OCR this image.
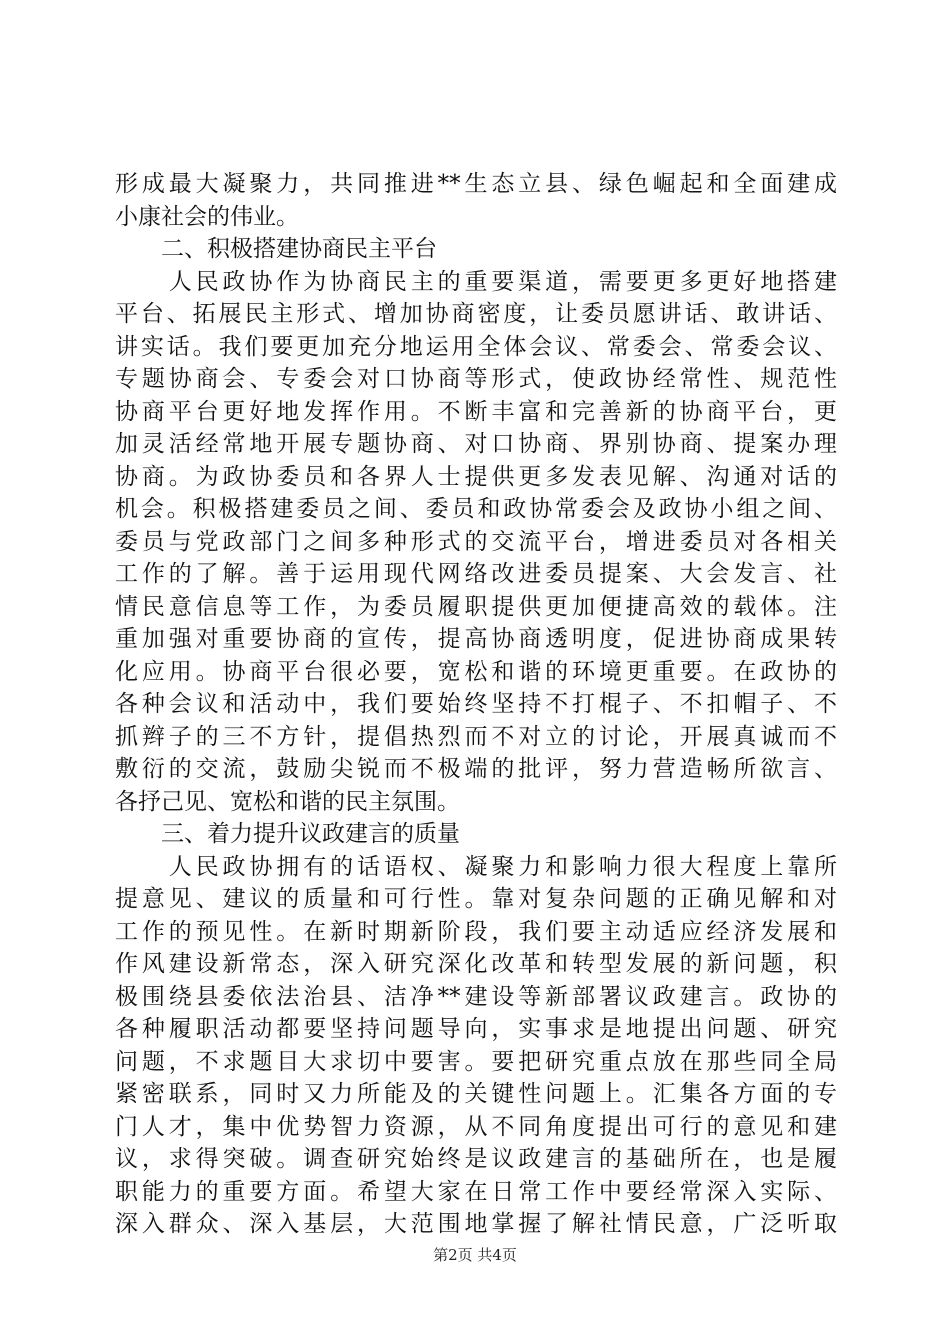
形成最大凝聚力，共同推进**生态立县、绿色崛起和全面建成
小康社会的伟业。
　　二、积极搭建协商民主平台
　　人民政协作为协商民主的重要渠道，需要更多更好地搭建
平台、拓展民主形式、增加协商密度，让委员愿讲话、敢讲话、
讲实话。我们要更加充分地运用全体会议、常委会、常委会议、
专题协商会、专委会对口协商等形式，使政协经常性、规范性
协商平台更好地发挥作用。不断丰富和完善新的协商平台，更
加灵活经常地开展专题协商、对口协商、界别协商、提案办理
协商。为政协委员和各界人士提供更多发表见解、沟通对话的
机会。积极搭建委员之间、委员和政协常委会及政协小组之间、
委员与党政部门之间多种形式的交流平台，增进委员对各相关
工作的了解。善于运用现代网络改进委员提案、大会发言、社
情民意信息等工作，为委员履职提供更加便捷高效的载体。注
重加强对重要协商的宣传，提高协商透明度，促进协商成果转
化应用。协商平台很必要，宽松和谐的环境更重要。在政协的
各种会议和活动中，我们要始终坚持不打棍子、不扣帽子、不
抓辫子的三不方针，提倡热烈而不对立的讨论，开展真诚而不
敷衍的交流，鼓励尖锐而不极端的批评，努力营造畅所欲言、
各抒己见、宽松和谐的民主氛围。
　　三、着力提升议政建言的质量
　　人民政协拥有的话语权、凝聚力和影响力很大程度上靠所
提意见、建议的质量和可行性。靠对复杂问题的正确见解和对
工作的预见性。在新时期新阶段，我们要主动适应经济发展和
作风建设新常态，深入研究深化改革和转型发展的新问题，积
极围绕县委依法治县、洁净**建设等新部署议政建言。政协的
各种履职活动都要坚持问题导向，实事求是地提出问题、研究
问题，不求题目大求切中要害。要把研究重点放在那些同全局
紧密联系，同时又力所能及的关键性问题上。汇集各方面的专
门人才，集中优势智力资源，从不同角度提出可行的意见和建
议，求得突破。调查研究始终是议政建言的基础所在，也是履
职能力的重要方面。希望大家在日常工作中要经常深入实际、
深入群众、深入基层，大范围地掌握了解社情民意，广泛听取
第2页 共4页
